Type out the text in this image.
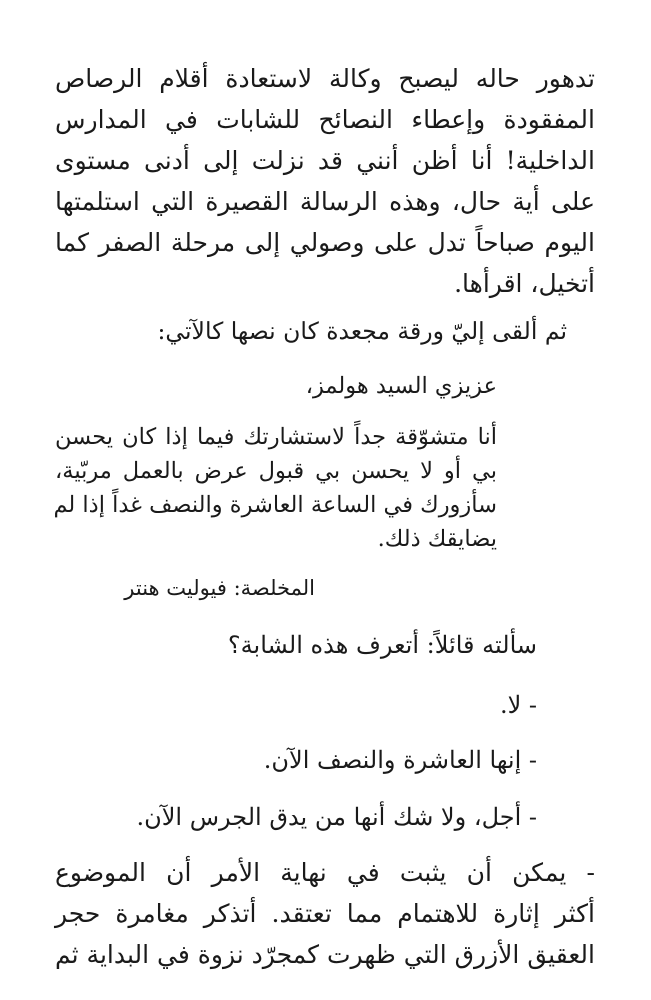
تدهور حاله ليصبح وكالة لاستعادة أقلام الرصاص
المفقودة وإعطاء النصائح للشابات في المدارس
الداخلية! أنا أظن أنني قد نزلت إلى أدنى مستوى
على أية حال، وهذه الرسالة القصيرة التي استلمتها
اليوم صباحاً تدل على وصولي إلى مرحلة الصفر كما
أتخيل، اقرأها.

ثم ألقى إليّ ورقة مجعدة كان نصها كالآتي:

عزيزي السيد هولمز،

أنا متشوّقة جداً لاستشارتك فيما إذا كان يحسن
بي أو لا يحسن بي قبول عرض بالعمل مربّية،
سأزورك في الساعة العاشرة والنصف غداً إذا لم
يضايقك ذلك.

المخلصة: فيوليت هنتر

سألته قائلاً: أتعرف هذه الشابة؟

- لا.

- إنها العاشرة والنصف الآن.

- أجل، ولا شك أنها من يدق الجرس الآن.

- يمكن أن يثبت في نهاية الأمر أن الموضوع
أكثر إثارة للاهتمام مما تعتقد. أتذكر مغامرة حجر
العقيق الأزرق التي ظهرت كمجرّد نزوة في البداية ثم
